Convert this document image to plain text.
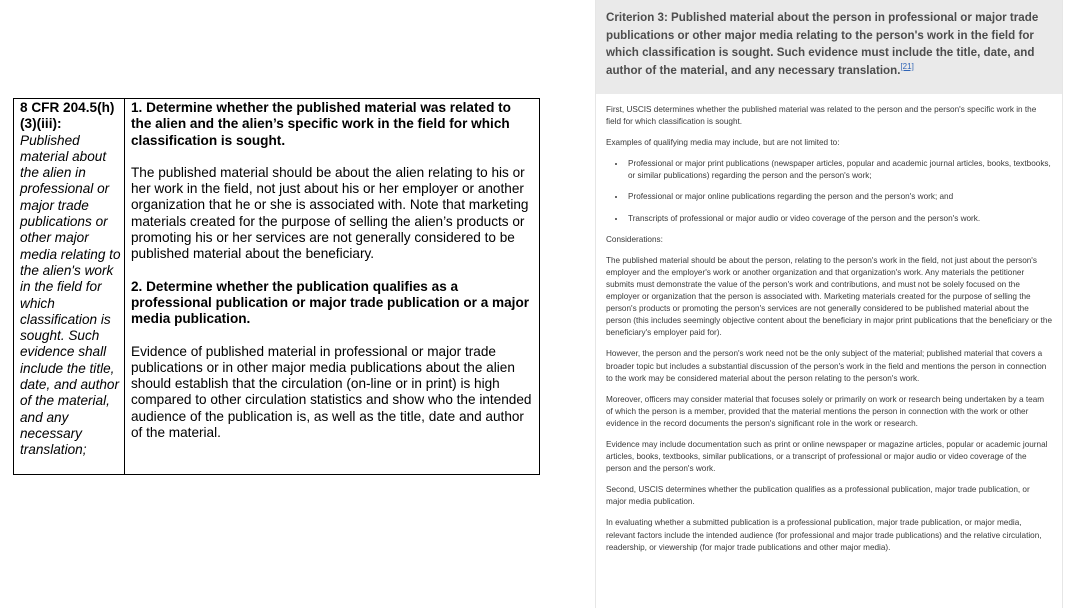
8 CFR 204.5(h)(3)(iii): Published material about the alien in professional or major trade publications or other major media relating to the alien's work in the field for which classification is sought. Such evidence shall include the title, date, and author of the material, and any necessary translation;

1. Determine whether the published material was related to the alien and the alien’s specific work in the field for which classification is sought.

The published material should be about the alien relating to his or her work in the field, not just about his or her employer or another organization that he or she is associated with. Note that marketing materials created for the purpose of selling the alien’s products or promoting his or her services are not generally considered to be published material about the beneficiary.

2. Determine whether the publication qualifies as a professional publication or major trade publication or a major media publication.

Evidence of published material in professional or major trade publications or in other major media publications about the alien should establish that the circulation (on-line or in print) is high compared to other circulation statistics and show who the intended audience of the publication is, as well as the title, date and author of the material.

Criterion 3: Published material about the person in professional or major trade publications or other major media relating to the person's work in the field for which classification is sought. Such evidence must include the title, date, and author of the material, and any necessary translation.[21]

First, USCIS determines whether the published material was related to the person and the person's specific work in the field for which classification is sought.

Examples of qualifying media may include, but are not limited to:

• Professional or major print publications (newspaper articles, popular and academic journal articles, books, textbooks, or similar publications) regarding the person and the person's work;
• Professional or major online publications regarding the person and the person's work; and
• Transcripts of professional or major audio or video coverage of the person and the person's work.

Considerations:

The published material should be about the person, relating to the person's work in the field, not just about the person's employer and the employer's work or another organization and that organization's work. Any materials the petitioner submits must demonstrate the value of the person's work and contributions, and must not be solely focused on the employer or organization that the person is associated with. Marketing materials created for the purpose of selling the person's products or promoting the person's services are not generally considered to be published material about the person (this includes seemingly objective content about the beneficiary in major print publications that the beneficiary or the beneficiary's employer paid for).

However, the person and the person's work need not be the only subject of the material; published material that covers a broader topic but includes a substantial discussion of the person's work in the field and mentions the person in connection to the work may be considered material about the person relating to the person's work.

Moreover, officers may consider material that focuses solely or primarily on work or research being undertaken by a team of which the person is a member, provided that the material mentions the person in connection with the work or other evidence in the record documents the person's significant role in the work or research.

Evidence may include documentation such as print or online newspaper or magazine articles, popular or academic journal articles, books, textbooks, similar publications, or a transcript of professional or major audio or video coverage of the person and the person's work.

Second, USCIS determines whether the publication qualifies as a professional publication, major trade publication, or major media publication.

In evaluating whether a submitted publication is a professional publication, major trade publication, or major media, relevant factors include the intended audience (for professional and major trade publications) and the relative circulation, readership, or viewership (for major trade publications and other major media).
